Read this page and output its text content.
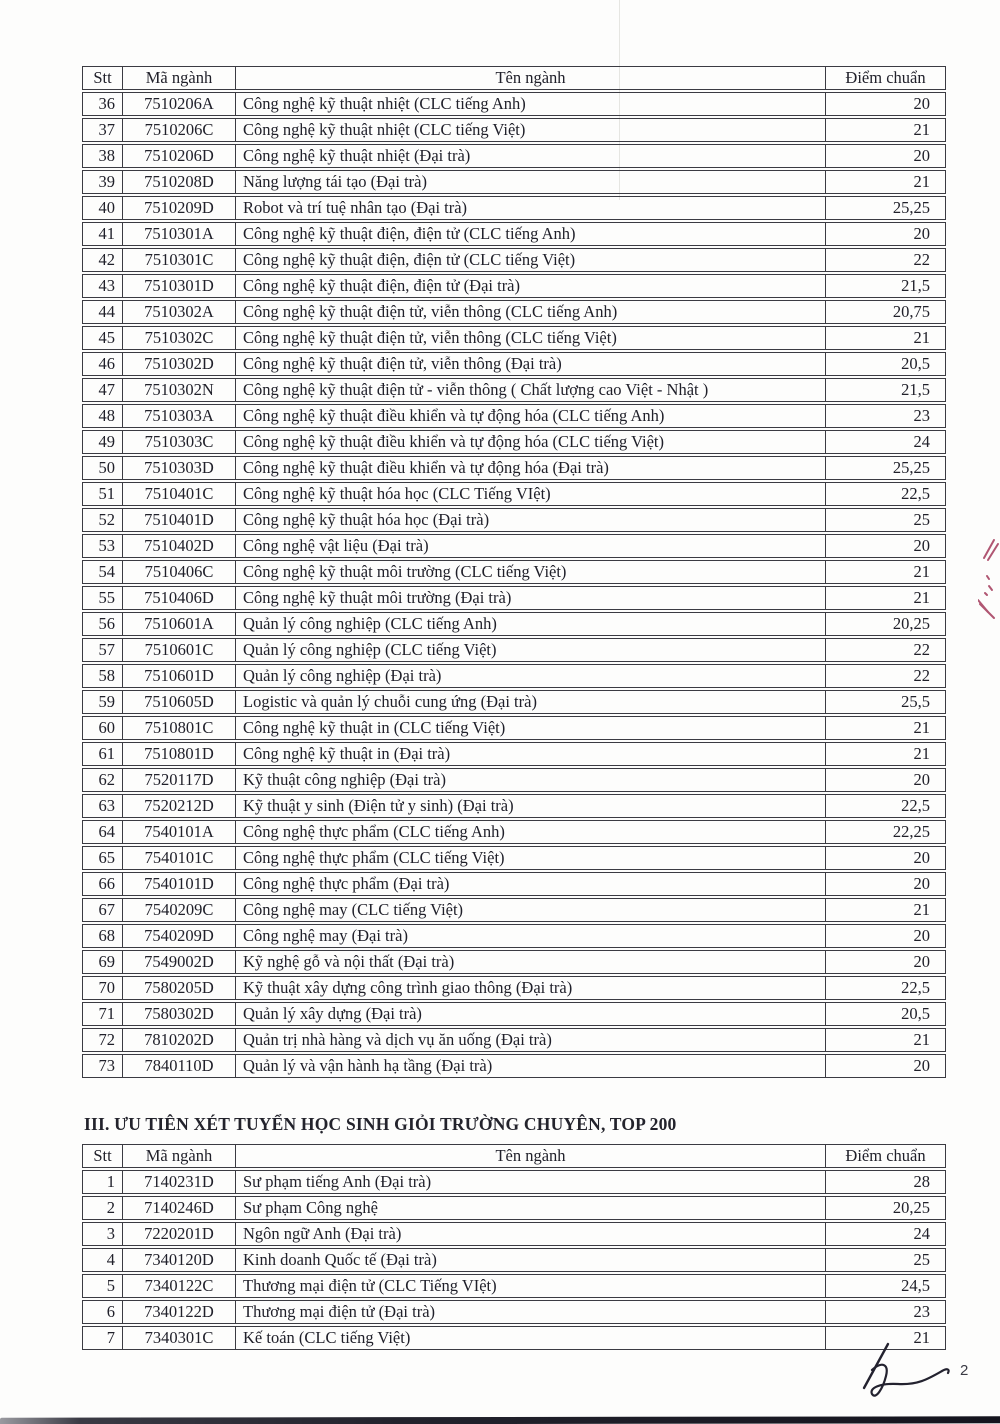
Stt	Mã ngành	Tên ngành	Điểm chuẩn
36	7510206A	Công nghệ kỹ thuật nhiệt (CLC tiếng Anh)	20
37	7510206C	Công nghệ kỹ thuật nhiệt (CLC tiếng Việt)	21
38	7510206D	Công nghệ kỹ thuật nhiệt (Đại trà)	20
39	7510208D	Năng lượng tái tạo (Đại trà)	21
40	7510209D	Robot và trí tuệ nhân tạo (Đại trà)	25,25
41	7510301A	Công nghệ kỹ thuật điện, điện tử (CLC tiếng Anh)	20
42	7510301C	Công nghệ kỹ thuật điện, điện tử (CLC tiếng Việt)	22
43	7510301D	Công nghệ kỹ thuật điện, điện tử (Đại trà)	21,5
44	7510302A	Công nghệ kỹ thuật điện tử, viễn thông (CLC tiếng Anh)	20,75
45	7510302C	Công nghệ kỹ thuật điện tử, viễn thông (CLC tiếng Việt)	21
46	7510302D	Công nghệ kỹ thuật điện tử, viễn thông (Đại trà)	20,5
47	7510302N	Công nghệ kỹ thuật điện tử - viễn thông ( Chất lượng cao Việt - Nhật )	21,5
48	7510303A	Công nghệ kỹ thuật điều khiển và tự động hóa (CLC tiếng Anh)	23
49	7510303C	Công nghệ kỹ thuật điều khiển và tự động hóa (CLC tiếng Việt)	24
50	7510303D	Công nghệ kỹ thuật điều khiển và tự động hóa (Đại trà)	25,25
51	7510401C	Công nghệ kỹ thuật hóa học (CLC Tiếng VIệt)	22,5
52	7510401D	Công nghệ kỹ thuật hóa học (Đại trà)	25
53	7510402D	Công nghệ vật liệu (Đại trà)	20
54	7510406C	Công nghệ kỹ thuật môi trường (CLC tiếng Việt)	21
55	7510406D	Công nghệ kỹ thuật môi trường (Đại trà)	21
56	7510601A	Quản lý công nghiệp (CLC tiếng Anh)	20,25
57	7510601C	Quản lý công nghiệp (CLC tiếng Việt)	22
58	7510601D	Quản lý công nghiệp (Đại trà)	22
59	7510605D	Logistic và quản lý chuỗi cung ứng (Đại trà)	25,5
60	7510801C	Công nghệ kỹ thuật in (CLC tiếng Việt)	21
61	7510801D	Công nghệ kỹ thuật in (Đại trà)	21
62	7520117D	Kỹ thuật công nghiệp (Đại trà)	20
63	7520212D	Kỹ thuật y sinh (Điện tử y sinh) (Đại trà)	22,5
64	7540101A	Công nghệ thực phẩm (CLC tiếng Anh)	22,25
65	7540101C	Công nghệ thực phẩm (CLC tiếng Việt)	20
66	7540101D	Công nghệ thực phẩm (Đại trà)	20
67	7540209C	Công nghệ may (CLC tiếng Việt)	21
68	7540209D	Công nghệ may (Đại trà)	20
69	7549002D	Kỹ nghệ gỗ và nội thất (Đại trà)	20
70	7580205D	Kỹ thuật xây dựng công trình giao thông (Đại trà)	22,5
71	7580302D	Quản lý xây dựng (Đại trà)	20,5
72	7810202D	Quản trị nhà hàng và dịch vụ ăn uống (Đại trà)	21
73	7840110D	Quản lý và vận hành hạ tầng (Đại trà)	20
III. ƯU TIÊN XÉT TUYỂN HỌC SINH GIỎI TRƯỜNG CHUYÊN, TOP 200
Stt	Mã ngành	Tên ngành	Điểm chuẩn
1	7140231D	Sư phạm tiếng Anh (Đại trà)	28
2	7140246D	Sư phạm Công nghệ	20,25
3	7220201D	Ngôn ngữ Anh (Đại trà)	24
4	7340120D	Kinh doanh Quốc tế (Đại trà)	25
5	7340122C	Thương mại điện tử (CLC Tiếng VIệt)	24,5
6	7340122D	Thương mại điện tử (Đại trà)	23
7	7340301C	Kế toán (CLC tiếng Việt)	21
2
